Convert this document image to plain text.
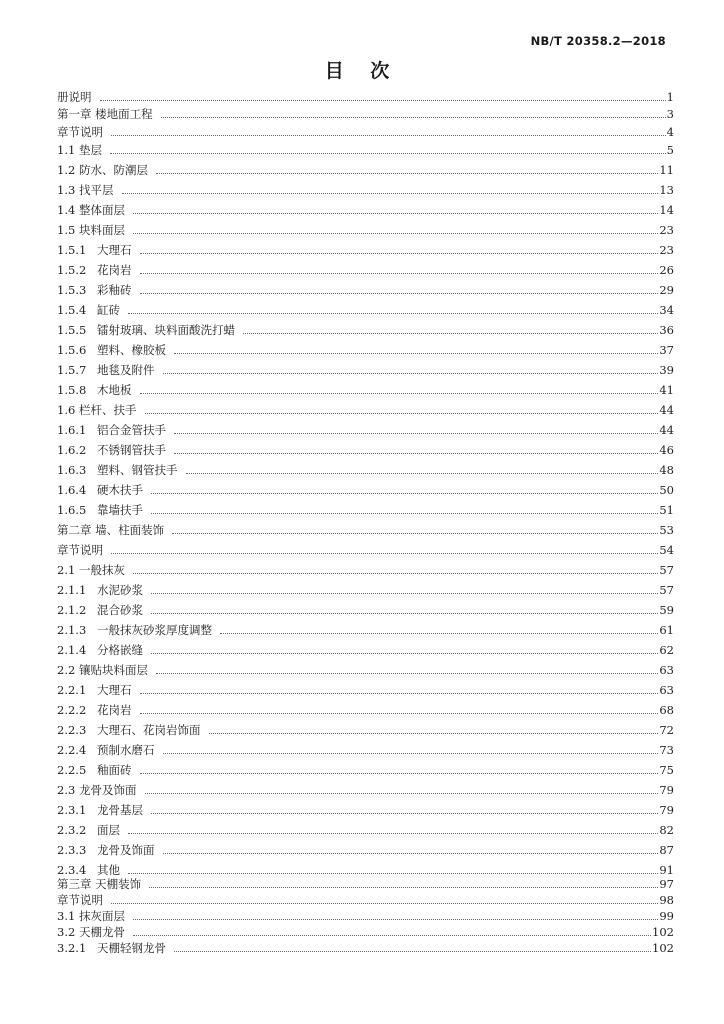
NB/T 20358.2—2018
目 次
册说明	1
第一章 楼地面工程	3
章节说明	4
1.1 垫层	5
1.2 防水、防潮层	11
1.3 找平层	13
1.4 整体面层	14
1.5 块料面层	23
1.5.1 大理石	23
1.5.2 花岗岩	26
1.5.3 彩釉砖	29
1.5.4 缸砖	34
1.5.5 镭射玻璃、块料面酸洗打蜡	36
1.5.6 塑料、橡胶板	37
1.5.7 地毯及附件	39
1.5.8 木地板	41
1.6 栏杆、扶手	44
1.6.1 铝合金管扶手	44
1.6.2 不锈钢管扶手	46
1.6.3 塑料、钢管扶手	48
1.6.4 硬木扶手	50
1.6.5 靠墙扶手	51
第二章 墙、柱面装饰	53
章节说明	54
2.1 一般抹灰	57
2.1.1 水泥砂浆	57
2.1.2 混合砂浆	59
2.1.3 一般抹灰砂浆厚度调整	61
2.1.4 分格嵌缝	62
2.2 镶贴块料面层	63
2.2.1 大理石	63
2.2.2 花岗岩	68
2.2.3 大理石、花岗岩饰面	72
2.2.4 预制水磨石	73
2.2.5 釉面砖	75
2.3 龙骨及饰面	79
2.3.1 龙骨基层	79
2.3.2 面层	82
2.3.3 龙骨及饰面	87
2.3.4 其他	91
第三章 天棚装饰	97
章节说明	98
3.1 抹灰面层	99
3.2 天棚龙骨	102
3.2.1 天棚轻钢龙骨	102
